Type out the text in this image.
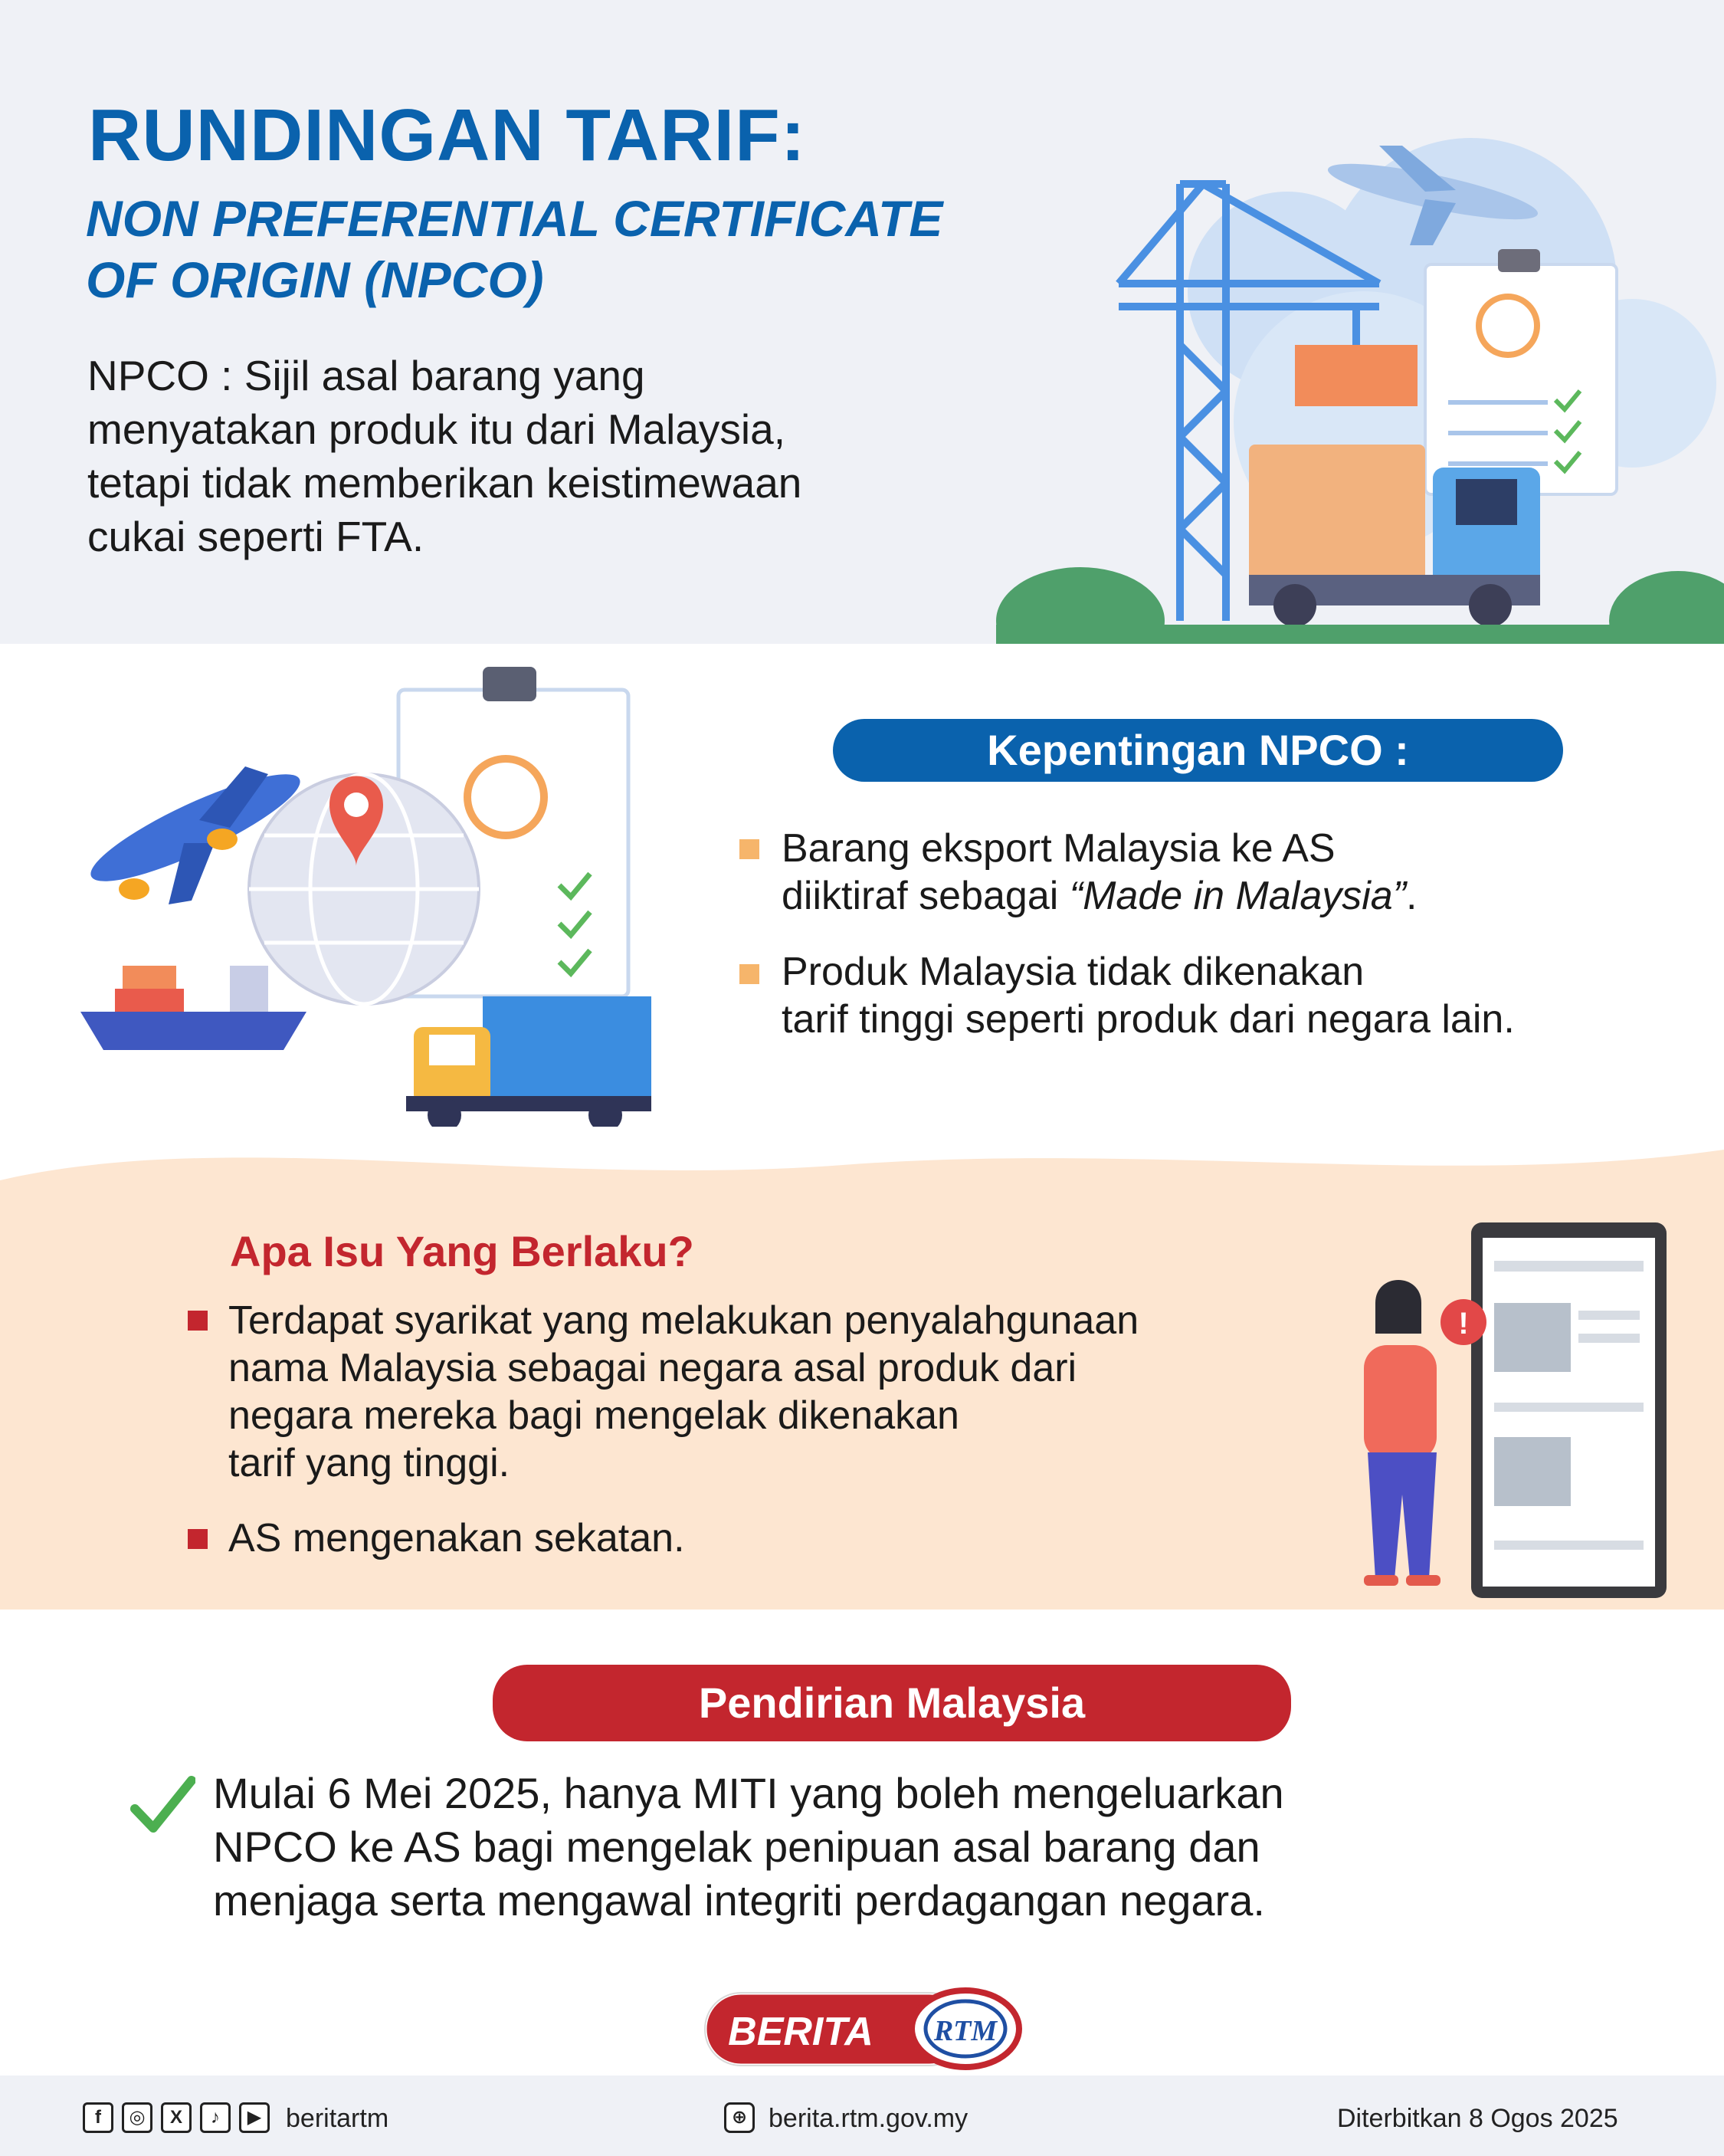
RUNDINGAN TARIF:
NON PREFERENTIAL CERTIFICATE
OF ORIGIN (NPCO)
NPCO : Sijil asal barang yang
menyatakan produk itu dari Malaysia,
tetapi tidak memberikan keistimewaan
cukai seperti FTA.
Kepentingan NPCO :
Barang eksport Malaysia ke AS
diiktiraf sebagai “Made in Malaysia”.
Produk Malaysia tidak dikenakan
tarif tinggi seperti produk dari negara lain.
Apa Isu Yang Berlaku?
Terdapat syarikat yang melakukan penyalahgunaan
nama Malaysia sebagai negara asal produk dari
negara mereka bagi mengelak dikenakan
tarif yang tinggi.
AS mengenakan sekatan.
!
Pendirian Malaysia
Mulai 6 Mei 2025, hanya MITI yang boleh mengeluarkan
NPCO ke AS bagi mengelak penipuan asal barang dan
menjaga serta mengawal integriti perdagangan negara.
BERITA RTM
f	◎	X	♪	▶ beritartm	⊕ berita.rtm.gov.my	Diterbitkan 8 Ogos 2025
